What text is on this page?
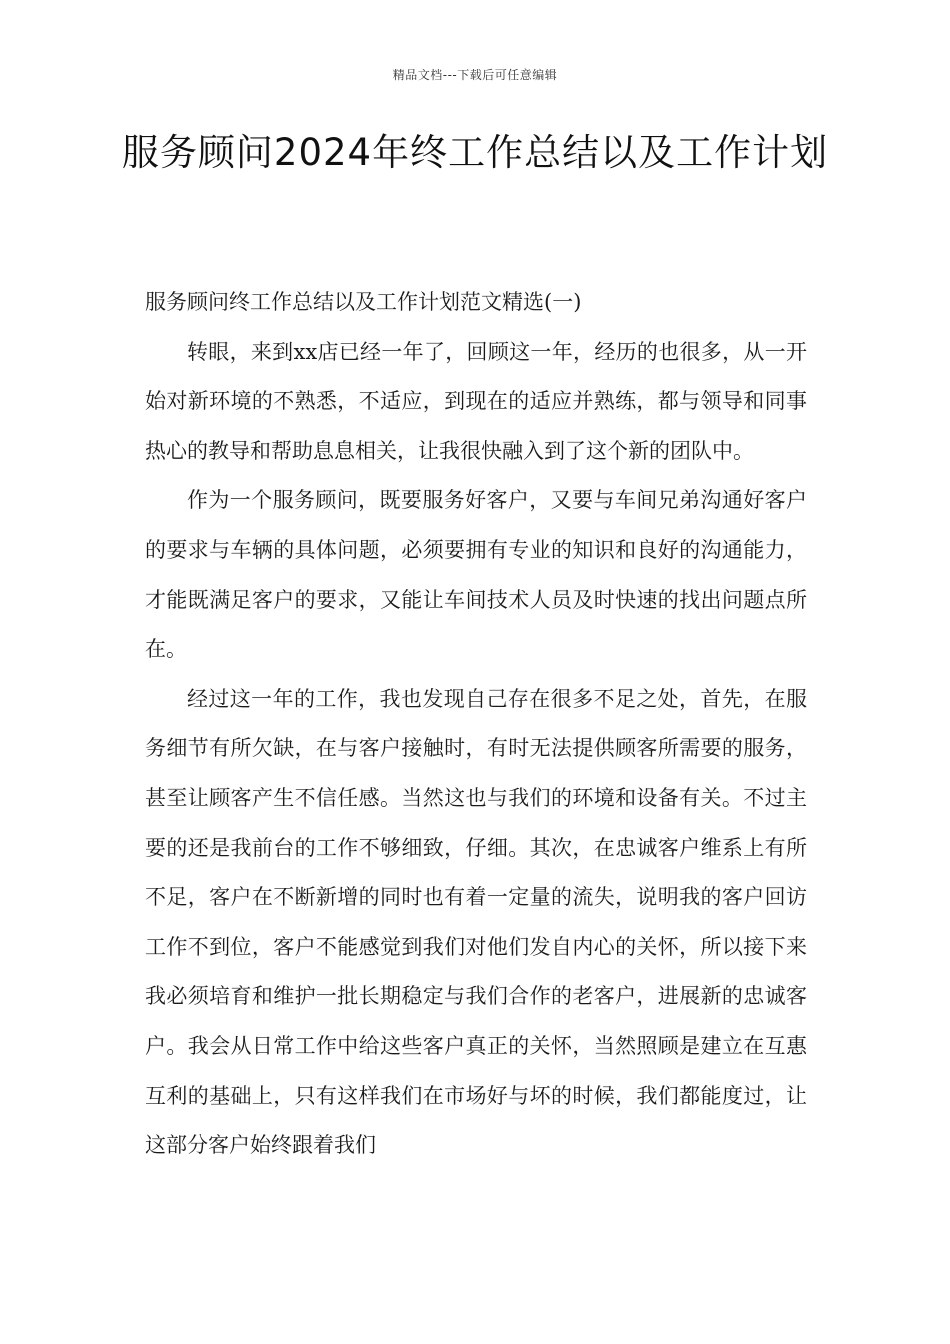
精品文档---下载后可任意编辑
服务顾问2024年终工作总结以及工作计划

服务顾问终工作总结以及工作计划范文精选(一)

转眼，来到xx店已经一年了，回顾这一年，经历的也很多，从一开始对新环境的不熟悉，不适应，到现在的适应并熟练，都与领导和同事热心的教导和帮助息息相关，让我很快融入到了这个新的团队中。

作为一个服务顾问，既要服务好客户，又要与车间兄弟沟通好客户的要求与车辆的具体问题，必须要拥有专业的知识和良好的沟通能力，才能既满足客户的要求，又能让车间技术人员及时快速的找出问题点所在。

经过这一年的工作，我也发现自己存在很多不足之处，首先，在服务细节有所欠缺，在与客户接触时，有时无法提供顾客所需要的服务，甚至让顾客产生不信任感。当然这也与我们的环境和设备有关。不过主要的还是我前台的工作不够细致，仔细。其次，在忠诚客户维系上有所不足，客户在不断新增的同时也有着一定量的流失，说明我的客户回访工作不到位，客户不能感觉到我们对他们发自内心的关怀，所以接下来我必须培育和维护一批长期稳定与我们合作的老客户，进展新的忠诚客户。我会从日常工作中给这些客户真正的关怀，当然照顾是建立在互惠互利的基础上，只有这样我们在市场好与坏的时候，我们都能度过，让这部分客户始终跟着我们
